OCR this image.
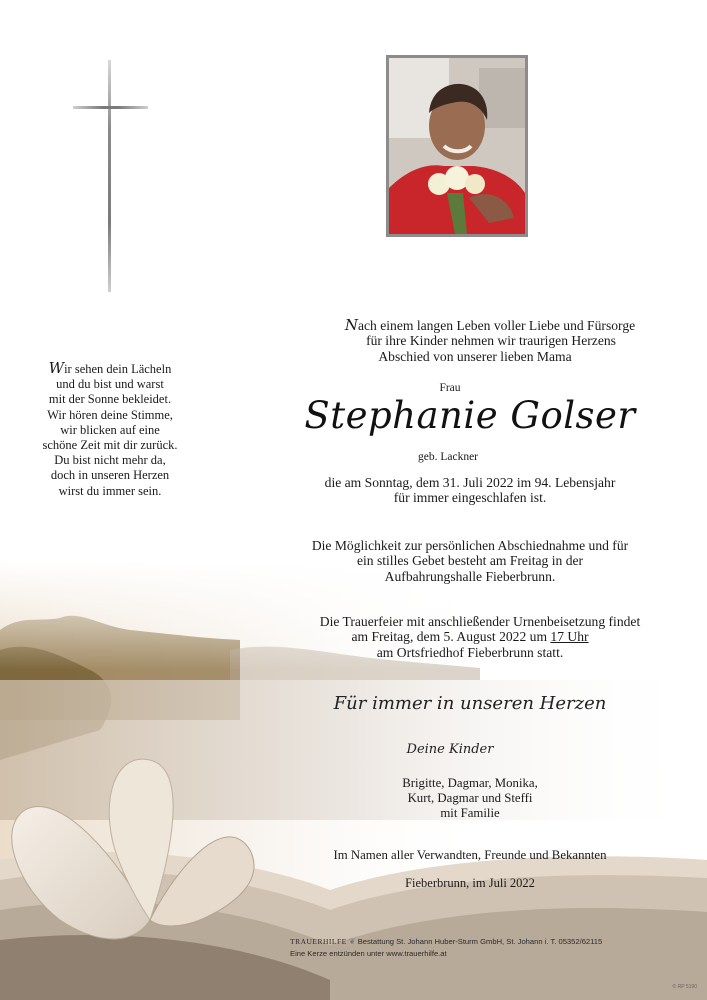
Wir sehen dein Lächeln
und du bist und warst
mit der Sonne bekleidet.
Wir hören deine Stimme,
wir blicken auf eine
schöne Zeit mit dir zurück.
Du bist nicht mehr da,
doch in unseren Herzen
wirst du immer sein.
Nach einem langen Leben voller Liebe und Fürsorge
für ihre Kinder nehmen wir traurigen Herzens
Abschied von unserer lieben Mama
Frau
Stephanie Golser
geb. Lackner
die am Sonntag, dem 31. Juli 2022 im 94. Lebensjahr
für immer eingeschlafen ist.
Die Möglichkeit zur persönlichen Abschiednahme und für
ein stilles Gebet besteht am Freitag in der
Aufbahrungshalle Fieberbrunn.
Die Trauerfeier mit anschließender Urnenbeisetzung findet
am Freitag, dem 5. August 2022 um 17 Uhr
am Ortsfriedhof Fieberbrunn statt.
Für immer in unseren Herzen
Deine Kinder
Brigitte, Dagmar, Monika,
Kurt, Dagmar und Steffi
mit Familie
Im Namen aller Verwandten, Freunde und Bekannten
Fieberbrunn, im Juli 2022
TRAUERHILFE ❦ Bestattung St. Johann Huber-Sturm GmbH, St. Johann i. T. 05352/62115
Eine Kerze entzünden unter www.trauerhilfe.at
© RP 5190
